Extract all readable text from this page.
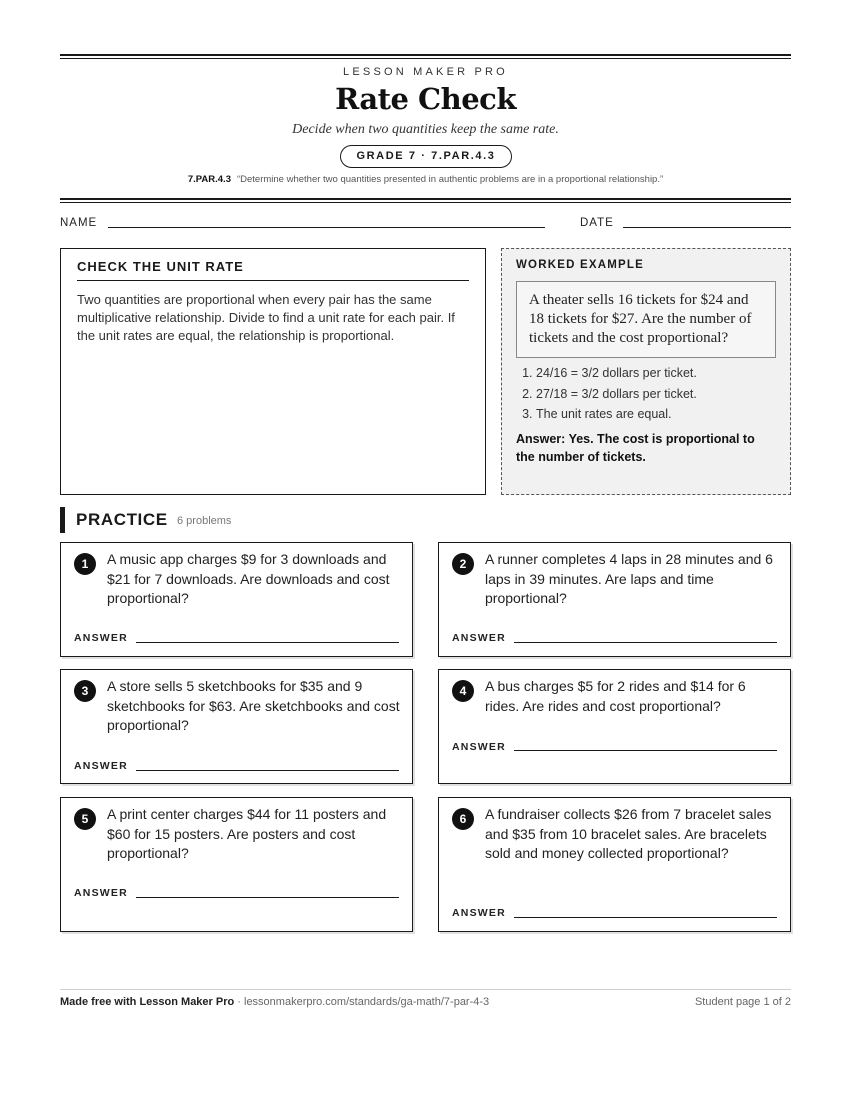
LESSON MAKER PRO
Rate Check
Decide when two quantities keep the same rate.
GRADE 7 · 7.PAR.4.3
7.PAR.4.3 “Determine whether two quantities presented in authentic problems are in a proportional relationship.”
NAME	DATE
CHECK THE UNIT RATE

Two quantities are proportional when every pair has the same multiplicative relationship. Divide to find a unit rate for each pair. If the unit rates are equal, the relationship is proportional.

WORKED EXAMPLE
A theater sells 16 tickets for $24 and 18 tickets for $27. Are the number of tickets and the cost proportional?
1. 24/16 = 3/2 dollars per ticket.
2. 27/18 = 3/2 dollars per ticket.
3. The unit rates are equal.
Answer: Yes. The cost is proportional to the number of tickets.
PRACTICE 6 problems
1	A music app charges $9 for 3 downloads and $21 for 7 downloads. Are downloads and cost proportional?
ANSWER
2	A runner completes 4 laps in 28 minutes and 6 laps in 39 minutes. Are laps and time proportional?
ANSWER
3	A store sells 5 sketchbooks for $35 and 9 sketchbooks for $63. Are sketchbooks and cost proportional?
ANSWER
4	A bus charges $5 for 2 rides and $14 for 6 rides. Are rides and cost proportional?
ANSWER
5	A print center charges $44 for 11 posters and $60 for 15 posters. Are posters and cost proportional?
ANSWER
6	A fundraiser collects $26 from 7 bracelet sales and $35 from 10 bracelet sales. Are bracelets sold and money collected proportional?
ANSWER
Made free with Lesson Maker Pro · lessonmakerpro.com/standards/ga-math/7-par-4-3	Student page 1 of 2
